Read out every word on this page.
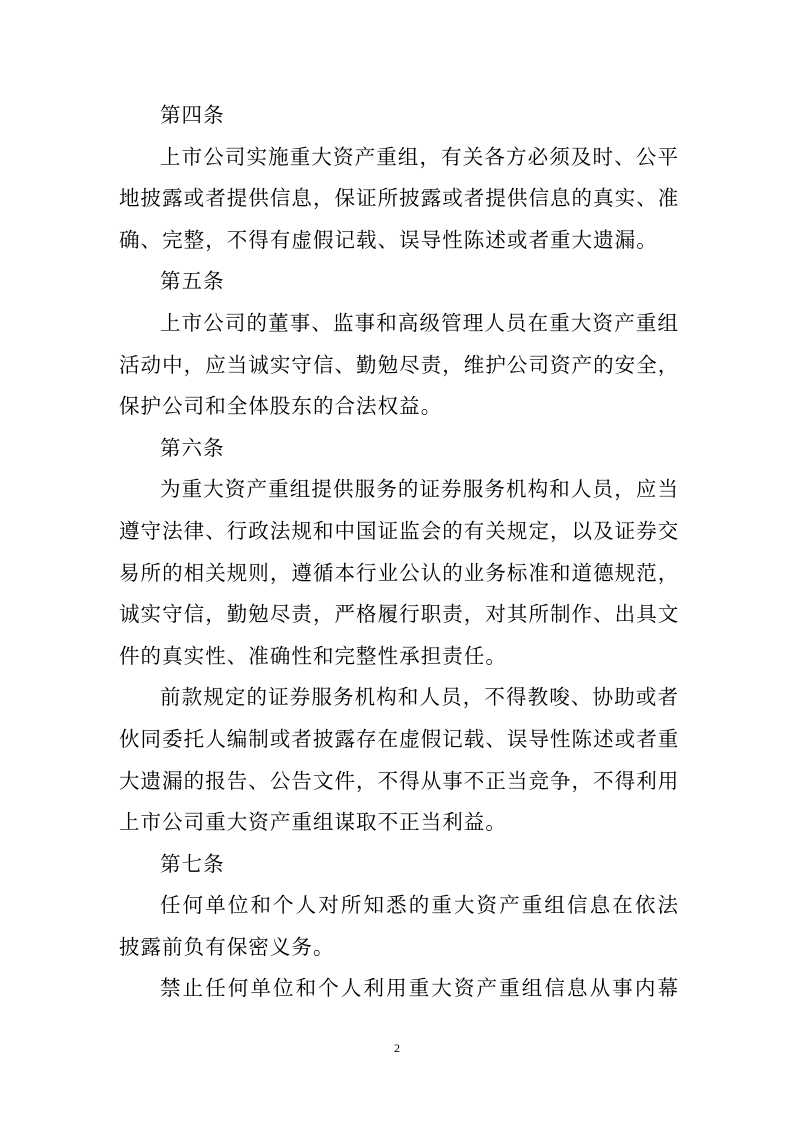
第四条
上市公司实施重大资产重组，有关各方必须及时、公平
地披露或者提供信息，保证所披露或者提供信息的真实、准
确、完整，不得有虚假记载、误导性陈述或者重大遗漏。
第五条
上市公司的董事、监事和高级管理人员在重大资产重组
活动中，应当诚实守信、勤勉尽责，维护公司资产的安全，
保护公司和全体股东的合法权益。
第六条
为重大资产重组提供服务的证券服务机构和人员，应当
遵守法律、行政法规和中国证监会的有关规定，以及证券交
易所的相关规则，遵循本行业公认的业务标准和道德规范，
诚实守信，勤勉尽责，严格履行职责，对其所制作、出具文
件的真实性、准确性和完整性承担责任。
前款规定的证券服务机构和人员，不得教唆、协助或者
伙同委托人编制或者披露存在虚假记载、误导性陈述或者重
大遗漏的报告、公告文件，不得从事不正当竞争，不得利用
上市公司重大资产重组谋取不正当利益。
第七条
任何单位和个人对所知悉的重大资产重组信息在依法
披露前负有保密义务。
禁止任何单位和个人利用重大资产重组信息从事内幕
2
